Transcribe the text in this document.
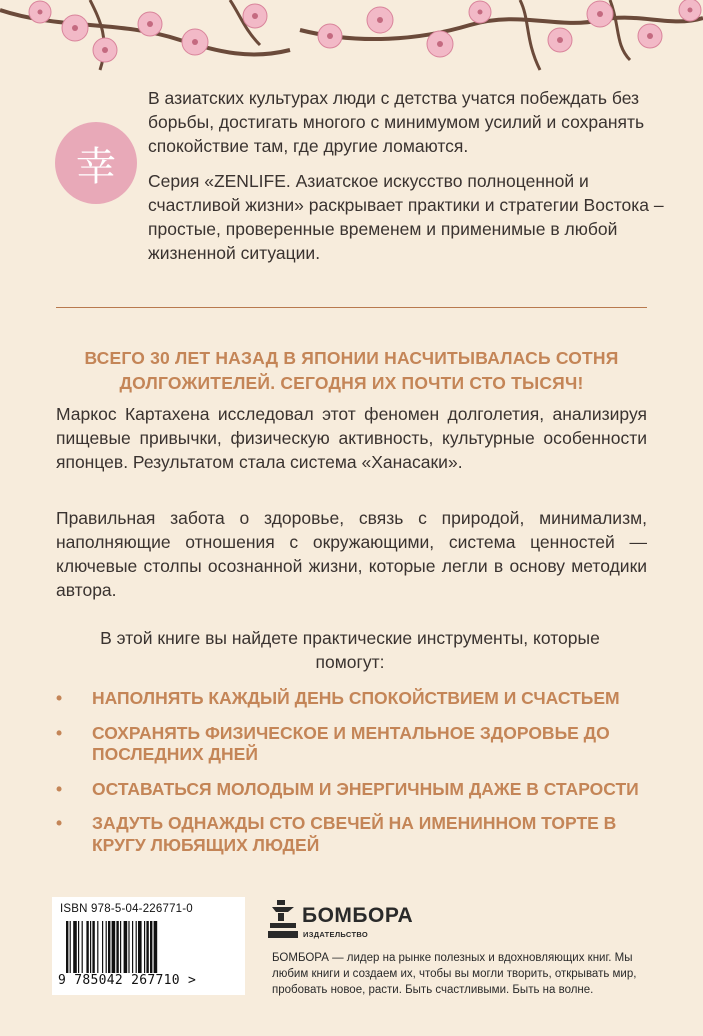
幸

В азиатских культурах люди с детства учатся побеждать без борьбы, достигать многого с минимумом усилий и сохранять спокойствие там, где другие ломаются.

Серия «ZENLIFE. Азиатское искусство полноценной и счастливой жизни» раскрывает практики и стратегии Востока – простые, проверенные временем и применимые в любой жизненной ситуации.

ВСЕГО 30 ЛЕТ НАЗАД В ЯПОНИИ НАСЧИТЫВАЛАСЬ СОТНЯ ДОЛГОЖИТЕЛЕЙ. СЕГОДНЯ ИХ ПОЧТИ СТО ТЫСЯЧ!
Маркос Картахена исследовал этот феномен долголетия, анализируя пищевые привычки, физическую активность, культурные особенности японцев. Результатом стала система «Ханасаки».
Правильная забота о здоровье, связь с природой, минимализм, наполняющие отношения с окружающими, система ценностей — ключевые столпы осознанной жизни, которые легли в основу методики автора.
В этой книге вы найдете практические инструменты, которые помогут:
• НАПОЛНЯТЬ КАЖДЫЙ ДЕНЬ СПОКОЙСТВИЕМ И СЧАСТЬЕМ
• СОХРАНЯТЬ ФИЗИЧЕСКОЕ И МЕНТАЛЬНОЕ ЗДОРОВЬЕ ДО ПОСЛЕДНИХ ДНЕЙ
• ОСТАВАТЬСЯ МОЛОДЫМ И ЭНЕРГИЧНЫМ ДАЖЕ В СТАРОСТИ
• ЗАДУТЬ ОДНАЖДЫ СТО СВЕЧЕЙ НА ИМЕНИННОМ ТОРТЕ В КРУГУ ЛЮБЯЩИХ ЛЮДЕЙ
ISBN 978-5-04-226771-0
9 785042 267710 >
БОМБОРА
ИЗДАТЕЛЬСТВО
БОМБОРА — лидер на рынке полезных и вдохновляющих книг. Мы любим книги и создаем их, чтобы вы могли творить, открывать мир, пробовать новое, расти. Быть счастливыми. Быть на волне.
